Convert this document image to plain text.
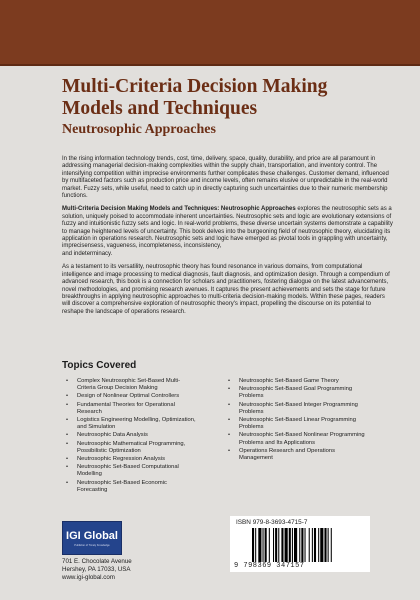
Multi-Criteria Decision Making Models and Techniques
Neutrosophic Approaches

In the rising information technology trends, cost, time, delivery, space, quality, durability, and price are all paramount in addressing managerial decision-making complexities within the supply chain, transportation, and inventory control. The intensifying competition within imprecise environments further complicates these challenges. Customer demand, influenced by multifaceted factors such as production price and income levels, often remains elusive or unpredictable in the real-world market. Fuzzy sets, while useful, need to catch up in directly capturing such uncertainties due to their numeric membership functions.

Multi-Criteria Decision Making Models and Techniques: Neutrosophic Approaches explores the neutrosophic sets as a solution, uniquely poised to accommodate inherent uncertainties. Neutrosophic sets and logic are evolutionary extensions of fuzzy and intuitionistic fuzzy sets and logic. In real-world problems, these diverse uncertain systems demonstrate a capability to manage heightened levels of uncertainty. This book delves into the burgeoning field of neutrosophic theory, elucidating its application in operations research. Neutrosophic sets and logic have emerged as pivotal tools in grappling with uncertainty, imprecisensess, vagueness, incompleteness, inconsistency,
and indeterminacy.

As a testament to its versatility, neutrosophic theory has found resonance in various domains, from computational intelligence and image processing to medical diagnosis, fault diagnosis, and optimization design. Through a compendium of advanced research, this book is a connection for scholars and practitioners, fostering dialogue on the latest advancements, novel methodologies, and promising research avenues. It captures the present achievements and sets the stage for future breakthroughs in applying neutrosophic approaches to multi-criteria decision-making models. Within these pages, readers will discover a comprehensive exploration of neutrosophic theory's impact, propelling the discourse on its potential to reshape the landscape of operations research.

Topics Covered
• Complex Neutrosophic Set-Based Multi-Criteria Group Decision Making
• Design of Nonlinear Optimal Controllers
• Fundamental Theories for Operational Research
• Logistics Engineering Modelling, Optimization, and Simulation
• Neutrosophic Data Analysis
• Neutrosophic Mathematical Programming, Possibilistic Optimization
• Neutrosophic Regression Analysis
• Neutrosophic Set-Based Computational Modelling
• Neutrosophic Set-Based Economic Forecasting
• Neutrosophic Set-Based Game Theory
• Neutrosophic Set-Based Goal Programming Problems
• Neutrosophic Set-Based Integer Programming Problems
• Neutrosophic Set-Based Linear Programming Problems
• Neutrosophic Set-Based Nonlinear Programming Problems and Its Applications
• Operations Research and Operations Management
IGI Global
Publisher of Timely Knowledge
701 E. Chocolate Avenue
Hershey, PA 17033, USA
www.igi-global.com
ISBN 979-8-3693-4715-7
9 798369 347157
